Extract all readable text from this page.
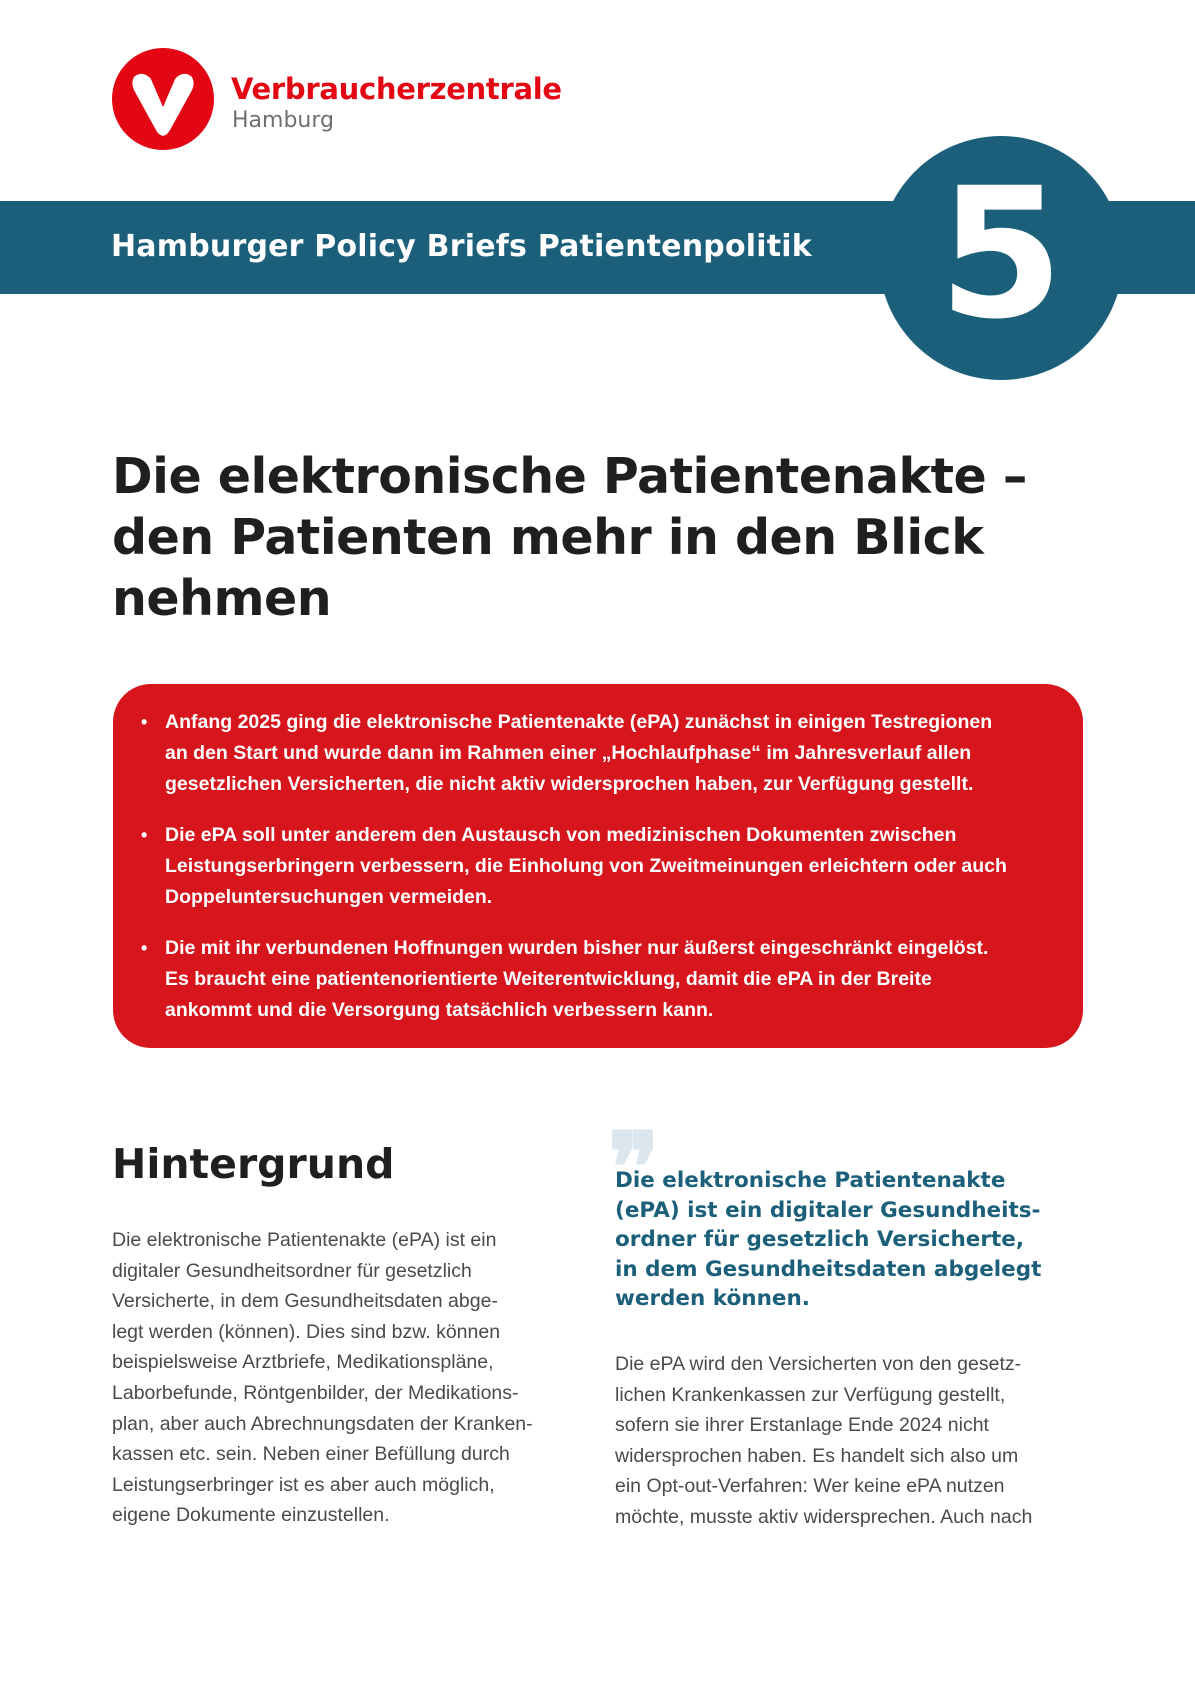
Verbraucherzentrale
Hamburg
Hamburger Policy Briefs Patientenpolitik 5
Die elektronische Patientenakte –
den Patienten mehr in den Blick
nehmen
• Anfang 2025 ging die elektronische Patientenakte (ePA) zunächst in einigen Testregionen
an den Start und wurde dann im Rahmen einer „Hochlaufphase“ im Jahresverlauf allen
gesetzlichen Versicherten, die nicht aktiv widersprochen haben, zur Verfügung gestellt.
• Die ePA soll unter anderem den Austausch von medizinischen Dokumenten zwischen
Leistungserbringern verbessern, die Einholung von Zweitmeinungen erleichtern oder auch
Doppeluntersuchungen vermeiden.
• Die mit ihr verbundenen Hoffnungen wurden bisher nur äußerst eingeschränkt eingelöst.
Es braucht eine patientenorientierte Weiterentwicklung, damit die ePA in der Breite
ankommt und die Versorgung tatsächlich verbessern kann.
Hintergrund

Die elektronische Patientenakte (ePA) ist ein
digitaler Gesundheitsordner für gesetzlich
Versicherte, in dem Gesundheitsdaten abge-
legt werden (können). Dies sind bzw. können
beispielsweise Arztbriefe, Medikationspläne,
Laborbefunde, Röntgenbilder, der Medikations-
plan, aber auch Abrechnungsdaten der Kranken-
kassen etc. sein. Neben einer Befüllung durch
Leistungserbringer ist es aber auch möglich,
eigene Dokumente einzustellen.

❞

Die elektronische Patientenakte
(ePA) ist ein digitaler Gesundheits-
ordner für gesetzlich Versicherte,
in dem Gesundheitsdaten abgelegt
werden können.

Die ePA wird den Versicherten von den gesetz-
lichen Krankenkassen zur Verfügung gestellt,
sofern sie ihrer Erstanlage Ende 2024 nicht
widersprochen haben. Es handelt sich also um
ein Opt-out-Verfahren: Wer keine ePA nutzen
möchte, musste aktiv widersprechen. Auch nach
